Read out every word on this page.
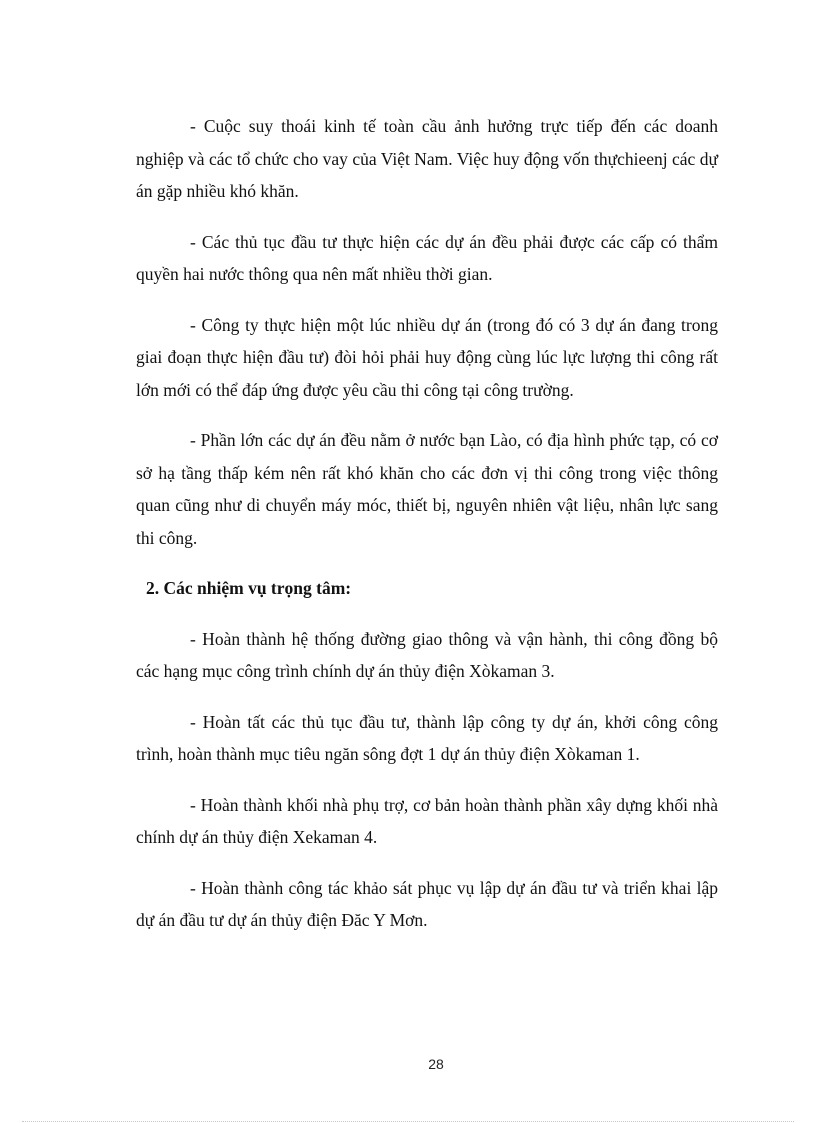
- Cuộc suy thoái kinh tế toàn cầu ảnh hưởng trực tiếp đến các doanh nghiệp và các tổ chức cho vay của Việt Nam. Việc huy động vốn thựchieenj các dự án gặp nhiều khó khăn.

- Các thủ tục đầu tư thực hiện các dự án đều phải được các cấp có thẩm quyền hai nước thông qua nên mất nhiều thời gian.

- Công ty thực hiện một lúc nhiều dự án (trong đó có 3 dự án đang trong giai đoạn thực hiện đầu tư) đòi hỏi phải huy động cùng lúc lực lượng thi công rất lớn mới có thể đáp ứng được yêu cầu thi công tại công trường.

- Phần lớn các dự án đều nằm ở nước bạn Lào, có địa hình phức tạp, có cơ sở hạ tầng thấp kém nên rất khó khăn cho các đơn vị thi công trong việc thông quan cũng như di chuyển máy móc, thiết bị, nguyên nhiên vật liệu, nhân lực sang thi công.

2. Các nhiệm vụ trọng tâm:

- Hoàn thành hệ thống đường giao thông và vận hành, thi công đồng bộ các hạng mục công trình chính dự án thủy điện Xòkaman 3.

- Hoàn tất các thủ tục đầu tư, thành lập công ty dự án, khởi công công trình, hoàn thành mục tiêu ngăn sông đợt 1 dự án thủy điện Xòkaman 1.

- Hoàn thành khối nhà phụ trợ, cơ bản hoàn thành phần xây dựng khối nhà chính dự án thủy điện Xekaman 4.

- Hoàn thành công tác khảo sát phục vụ lập dự án đầu tư và triển khai lập dự án đầu tư dự án thủy điện Đăc Y Mơn.

28
